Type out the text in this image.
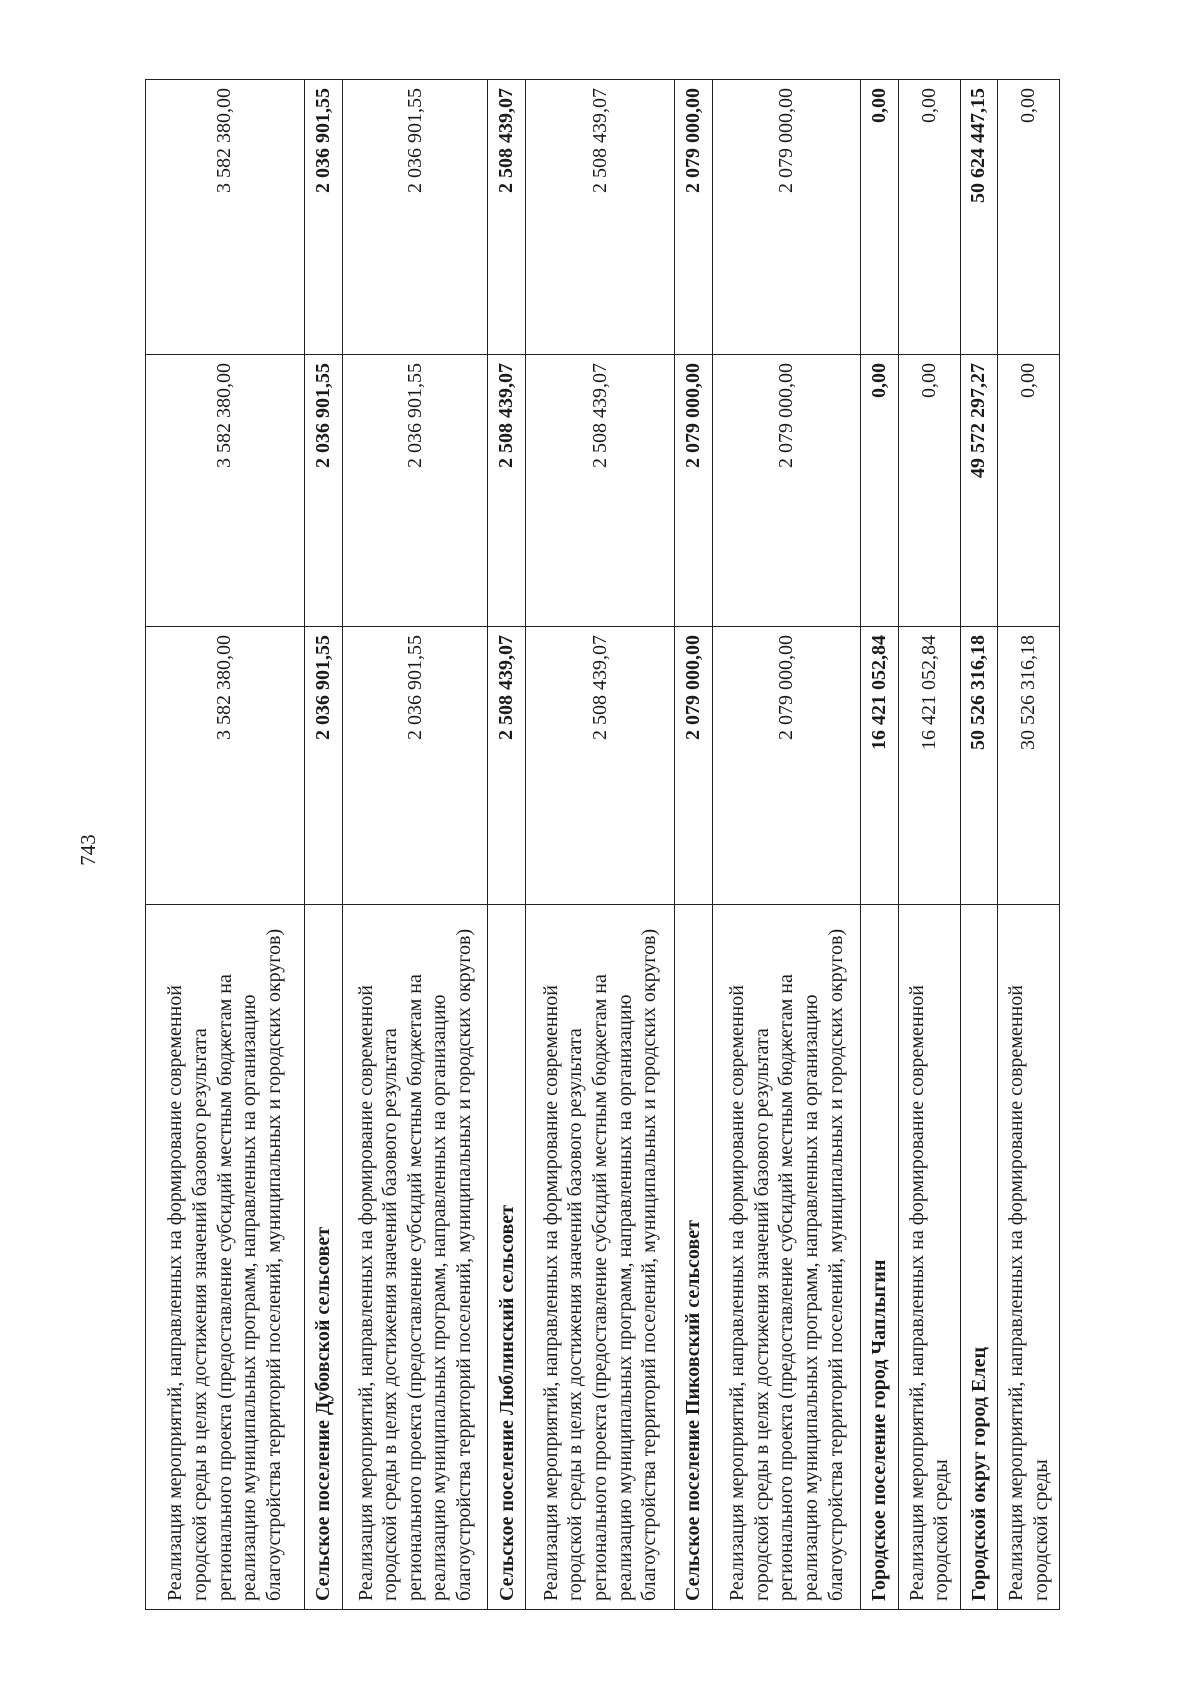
743
Реализация мероприятий, направленных на формирование современной городской среды в целях достижения значений базового результата регионального проекта (предоставление субсидий местным бюджетам на реализацию муниципальных программ, направленных на организацию благоустройства территорий поселений, муниципальных и городских округов)	3 582 380,00	3 582 380,00	3 582 380,00
Сельское поселение Дубовской сельсовет	2 036 901,55	2 036 901,55	2 036 901,55
Реализация мероприятий, направленных на формирование современной городской среды в целях достижения значений базового результата регионального проекта (предоставление субсидий местным бюджетам на реализацию муниципальных программ, направленных на организацию благоустройства территорий поселений, муниципальных и городских округов)	2 036 901,55	2 036 901,55	2 036 901,55
Сельское поселение Люблинский сельсовет	2 508 439,07	2 508 439,07	2 508 439,07
Реализация мероприятий, направленных на формирование современной городской среды в целях достижения значений базового результата регионального проекта (предоставление субсидий местным бюджетам на реализацию муниципальных программ, направленных на организацию благоустройства территорий поселений, муниципальных и городских округов)	2 508 439,07	2 508 439,07	2 508 439,07
Сельское поселение Пиковский сельсовет	2 079 000,00	2 079 000,00	2 079 000,00
Реализация мероприятий, направленных на формирование современной городской среды в целях достижения значений базового результата регионального проекта (предоставление субсидий местным бюджетам на реализацию муниципальных программ, направленных на организацию благоустройства территорий поселений, муниципальных и городских округов)	2 079 000,00	2 079 000,00	2 079 000,00
Городское поселение город Чаплыгин	16 421 052,84	0,00	0,00
Реализация мероприятий, направленных на формирование современной городской среды	16 421 052,84	0,00	0,00
Городской округ город Елец	50 526 316,18	49 572 297,27	50 624 447,15
Реализация мероприятий, направленных на формирование современной городской среды	30 526 316,18	0,00	0,00
